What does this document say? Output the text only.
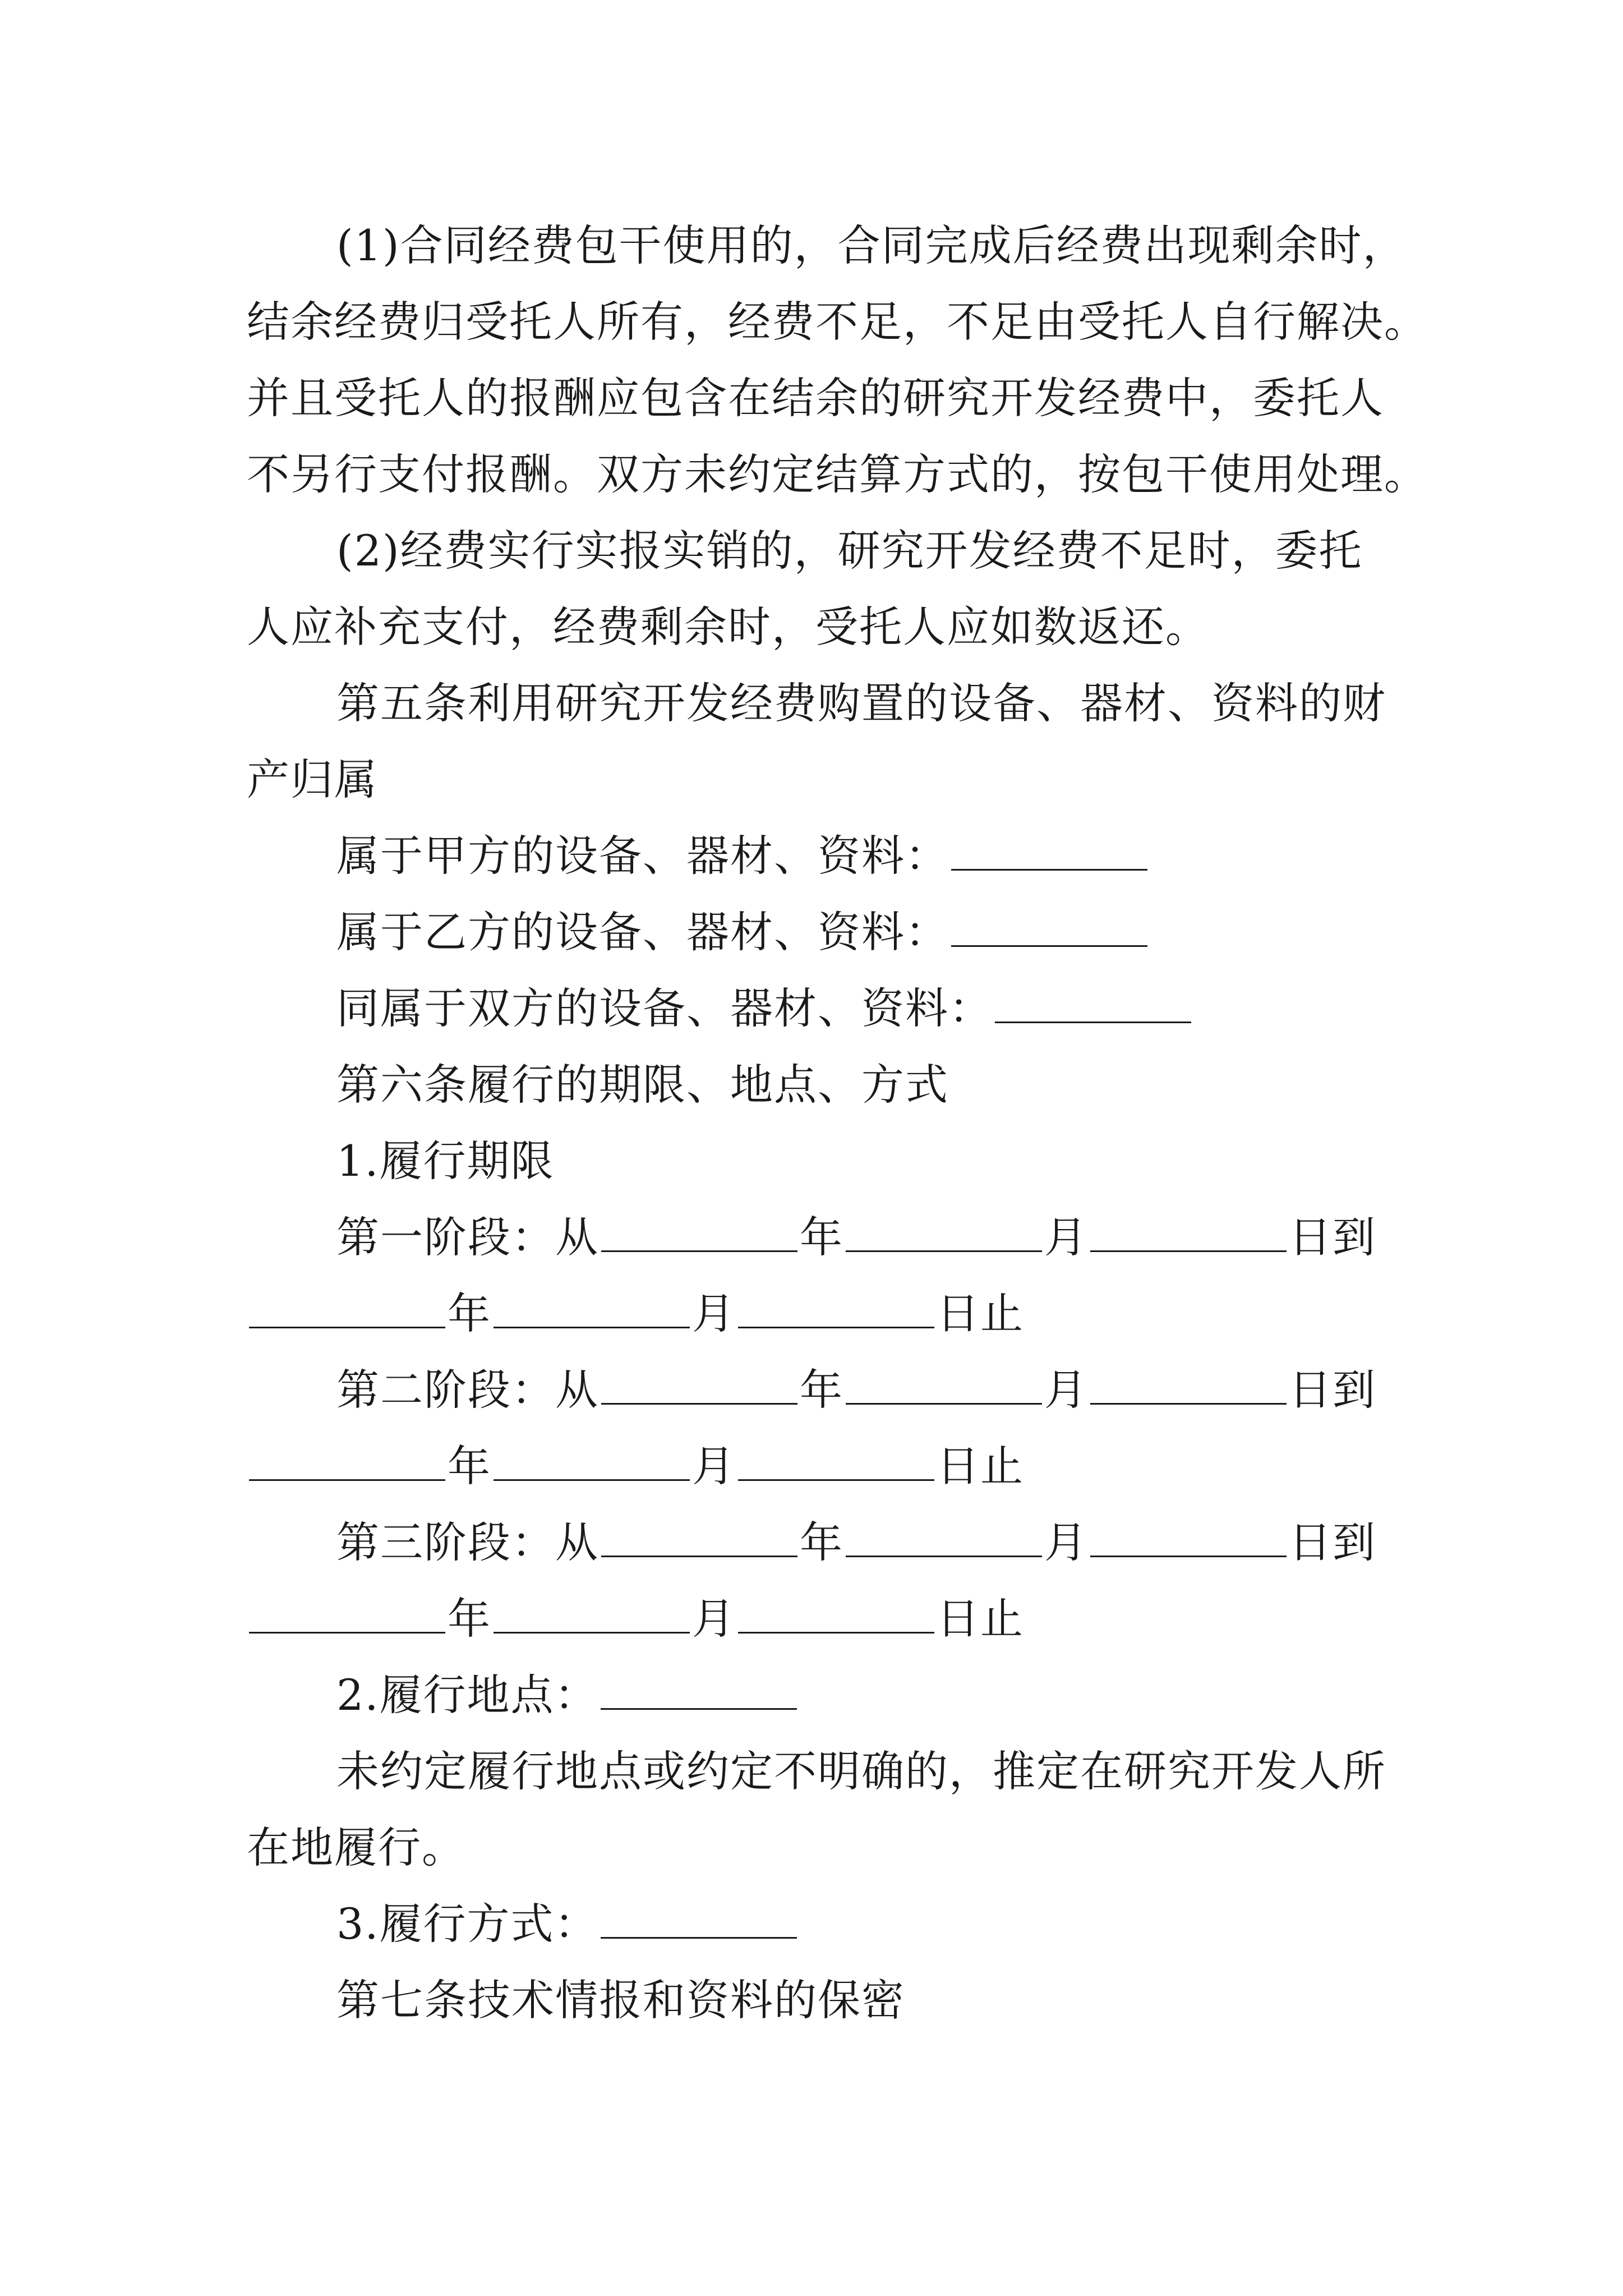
(1)合同经费包干使用的，合同完成后经费出现剩余时，
结余经费归受托人所有，经费不足，不足由受托人自行解决。
并且受托人的报酬应包含在结余的研究开发经费中，委托人
不另行支付报酬。双方未约定结算方式的，按包干使用处理。
(2)经费实行实报实销的，研究开发经费不足时，委托
人应补充支付，经费剩余时，受托人应如数返还。
第五条利用研究开发经费购置的设备、器材、资料的财
产归属
属于甲方的设备、器材、资料：
属于乙方的设备、器材、资料：
同属于双方的设备、器材、资料：
第六条履行的期限、地点、方式
1.履行期限
第一阶段：从	年	月	日到
年	月	日止
第二阶段：从	年	月	日到
年	月	日止
第三阶段：从	年	月	日到
年	月	日止
2.履行地点：
未约定履行地点或约定不明确的，推定在研究开发人所
在地履行。
3.履行方式：
第七条技术情报和资料的保密
